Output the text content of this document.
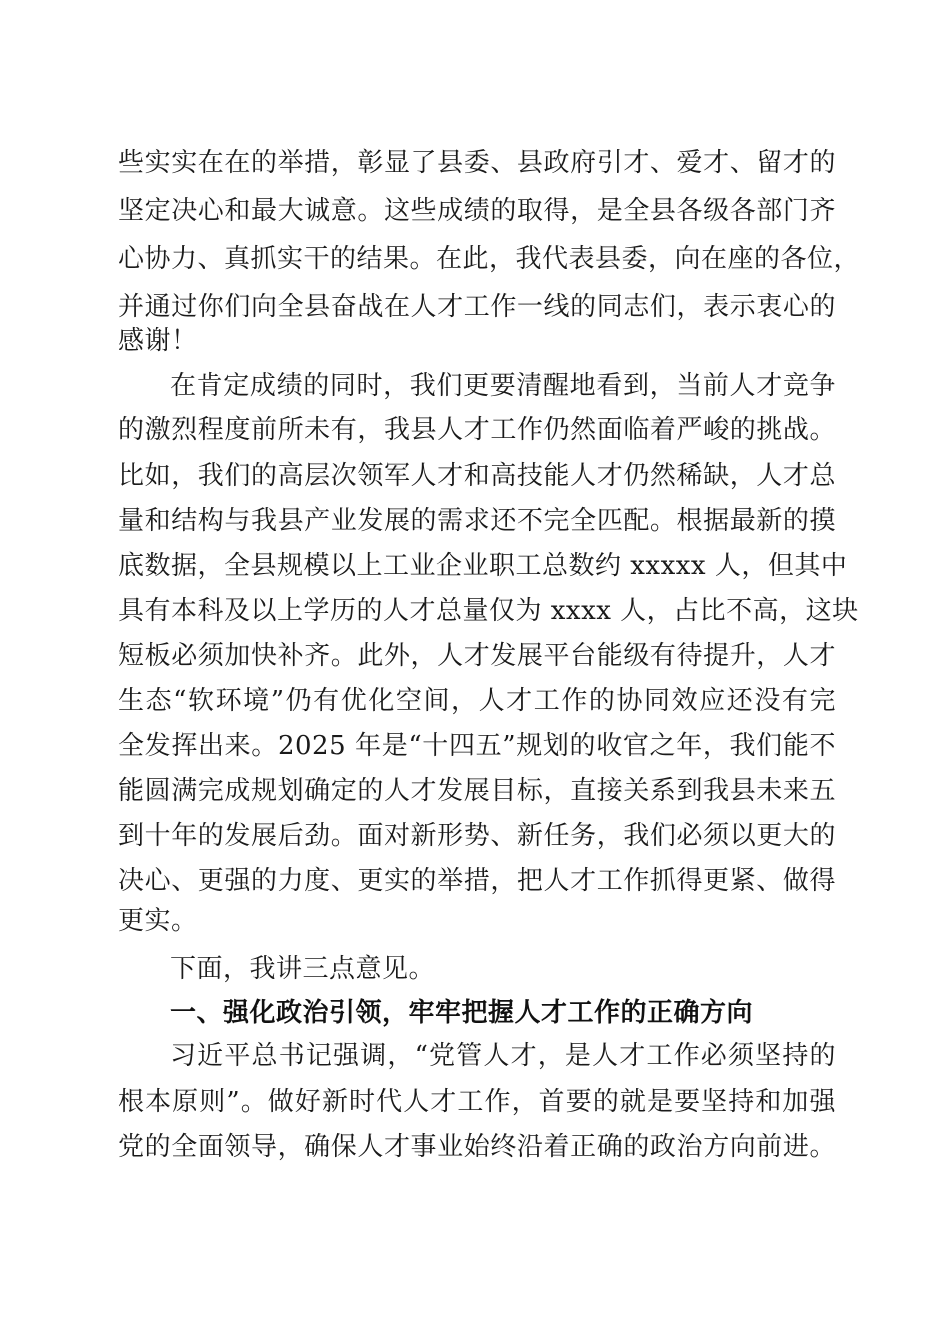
些实实在在的举措，彰显了县委、县政府引才、爱才、留才的
坚定决心和最大诚意。这些成绩的取得，是全县各级各部门齐
心协力、真抓实干的结果。在此，我代表县委，向在座的各位，
并通过你们向全县奋战在人才工作一线的同志们，表示衷心的
感谢！
在肯定成绩的同时，我们更要清醒地看到，当前人才竞争
的激烈程度前所未有，我县人才工作仍然面临着严峻的挑战。
比如，我们的高层次领军人才和高技能人才仍然稀缺，人才总
量和结构与我县产业发展的需求还不完全匹配。根据最新的摸
底数据，全县规模以上工业企业职工总数约 xxxxx 人，但其中
具有本科及以上学历的人才总量仅为 xxxx 人，占比不高，这块
短板必须加快补齐。此外，人才发展平台能级有待提升，人才
生态“软环境”仍有优化空间，人才工作的协同效应还没有完
全发挥出来。2025 年是“十四五”规划的收官之年，我们能不
能圆满完成规划确定的人才发展目标，直接关系到我县未来五
到十年的发展后劲。面对新形势、新任务，我们必须以更大的
决心、更强的力度、更实的举措，把人才工作抓得更紧、做得
更实。
下面，我讲三点意见。
一、强化政治引领，牢牢把握人才工作的正确方向
习近平总书记强调，“党管人才，是人才工作必须坚持的
根本原则”。做好新时代人才工作，首要的就是要坚持和加强
党的全面领导，确保人才事业始终沿着正确的政治方向前进。
